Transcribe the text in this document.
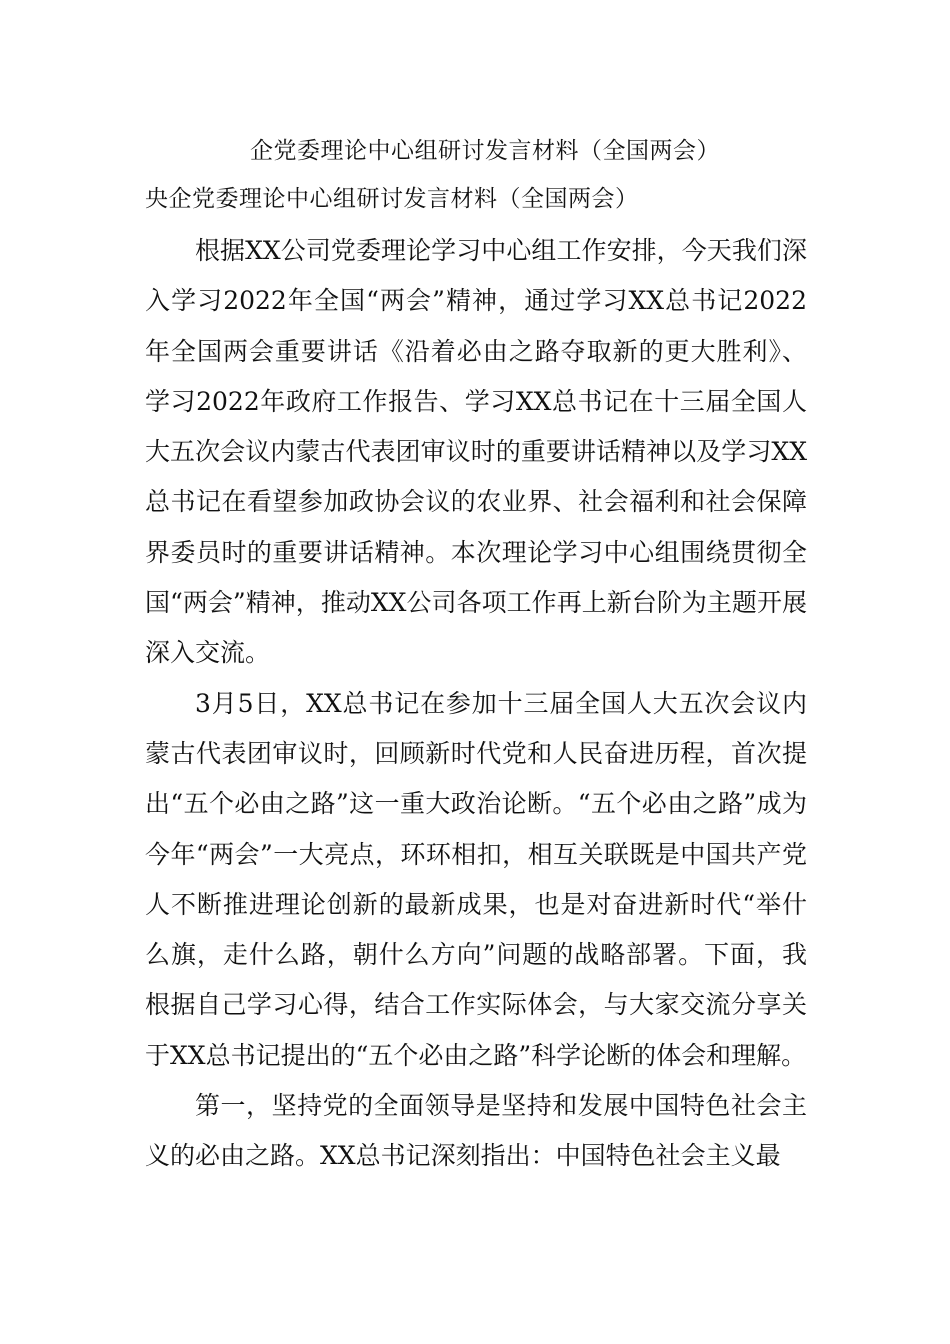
企党委理论中心组研讨发言材料（全国两会）
央企党委理论中心组研讨发言材料（全国两会）

根据XX公司党委理论学习中心组工作安排，今天我们深入学习2022年全国“两会”精神，通过学习XX总书记2022年全国两会重要讲话《沿着必由之路夺取新的更大胜利》、学习2022年政府工作报告、学习XX总书记在十三届全国人大五次会议内蒙古代表团审议时的重要讲话精神以及学习XX总书记在看望参加政协会议的农业界、社会福利和社会保障界委员时的重要讲话精神。本次理论学习中心组围绕贯彻全国“两会”精神，推动XX公司各项工作再上新台阶为主题开展深入交流。

3月5日，XX总书记在参加十三届全国人大五次会议内蒙古代表团审议时，回顾新时代党和人民奋进历程，首次提出“五个必由之路”这一重大政治论断。“五个必由之路”成为今年“两会”一大亮点，环环相扣，相互关联既是中国共产党人不断推进理论创新的最新成果，也是对奋进新时代“举什么旗，走什么路，朝什么方向”问题的战略部署。下面，我根据自己学习心得，结合工作实际体会，与大家交流分享关于XX总书记提出的“五个必由之路”科学论断的体会和理解。

第一，坚持党的全面领导是坚持和发展中国特色社会主义的必由之路。XX总书记深刻指出：中国特色社会主义最
